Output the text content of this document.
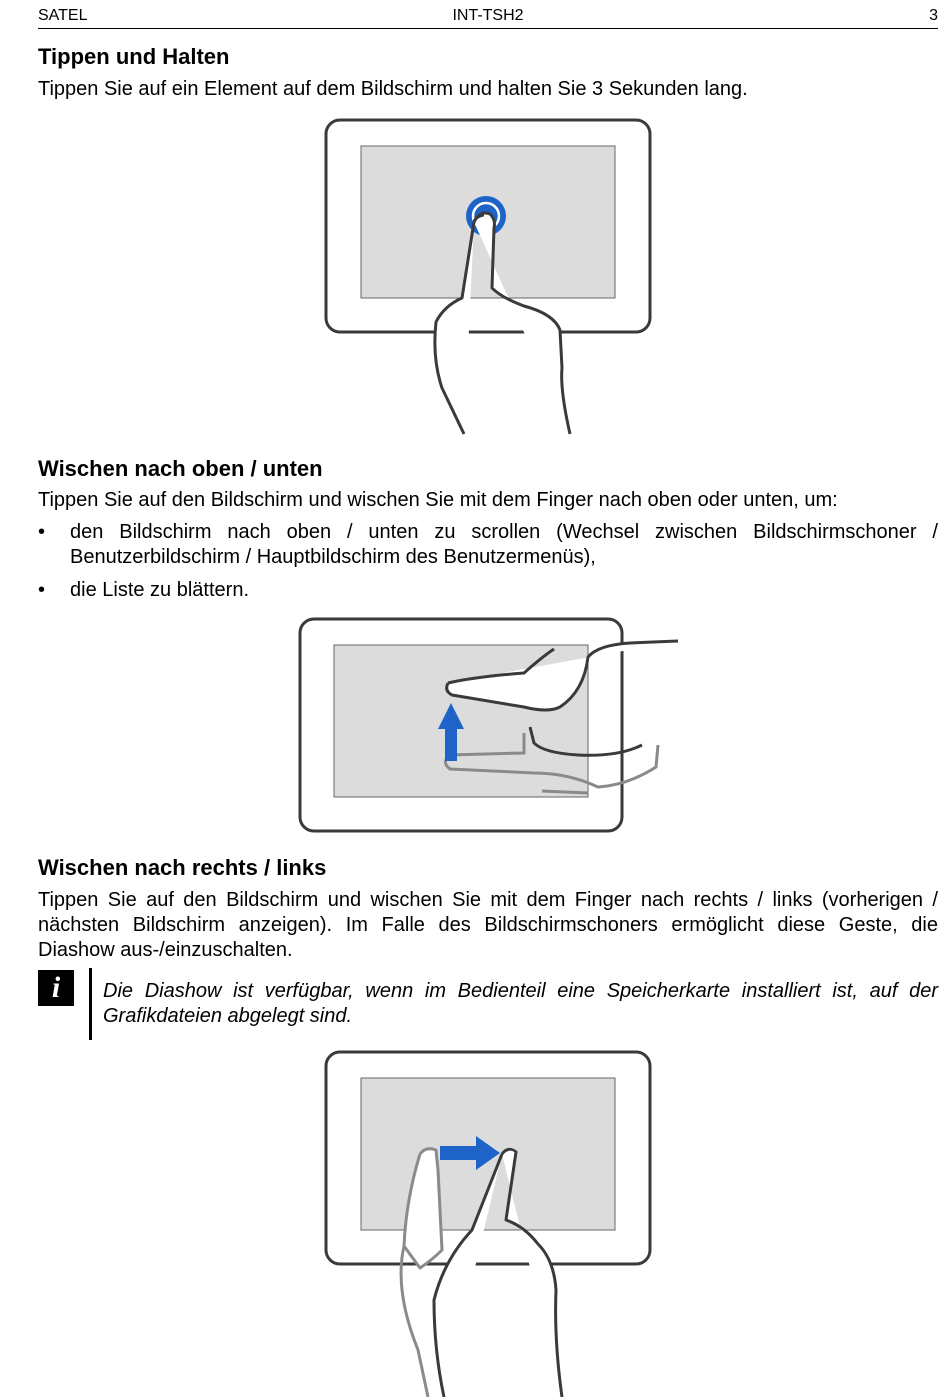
SATEL	INT-TSH2	3
Tippen und Halten

Tippen Sie auf ein Element auf dem Bildschirm und halten Sie 3 Sekunden lang.

Wischen nach oben / unten

Tippen Sie auf den Bildschirm und wischen Sie mit dem Finger nach oben oder unten, um:

• den Bildschirm nach oben / unten zu scrollen (Wechsel zwischen Bildschirmschoner / Benutzerbildschirm / Hauptbildschirm des Benutzermenüs),
• die Liste zu blättern.
Wischen nach rechts / links

Tippen Sie auf den Bildschirm und wischen Sie mit dem Finger nach rechts / links (vorherigen / nächsten Bildschirm anzeigen). Im Falle des Bildschirmschoners ermöglicht diese Geste, die Diashow aus-/einzuschalten.

i	Die Diashow ist verfügbar, wenn im Bedienteil eine Speicherkarte installiert ist, auf der Grafikdateien abgelegt sind.
